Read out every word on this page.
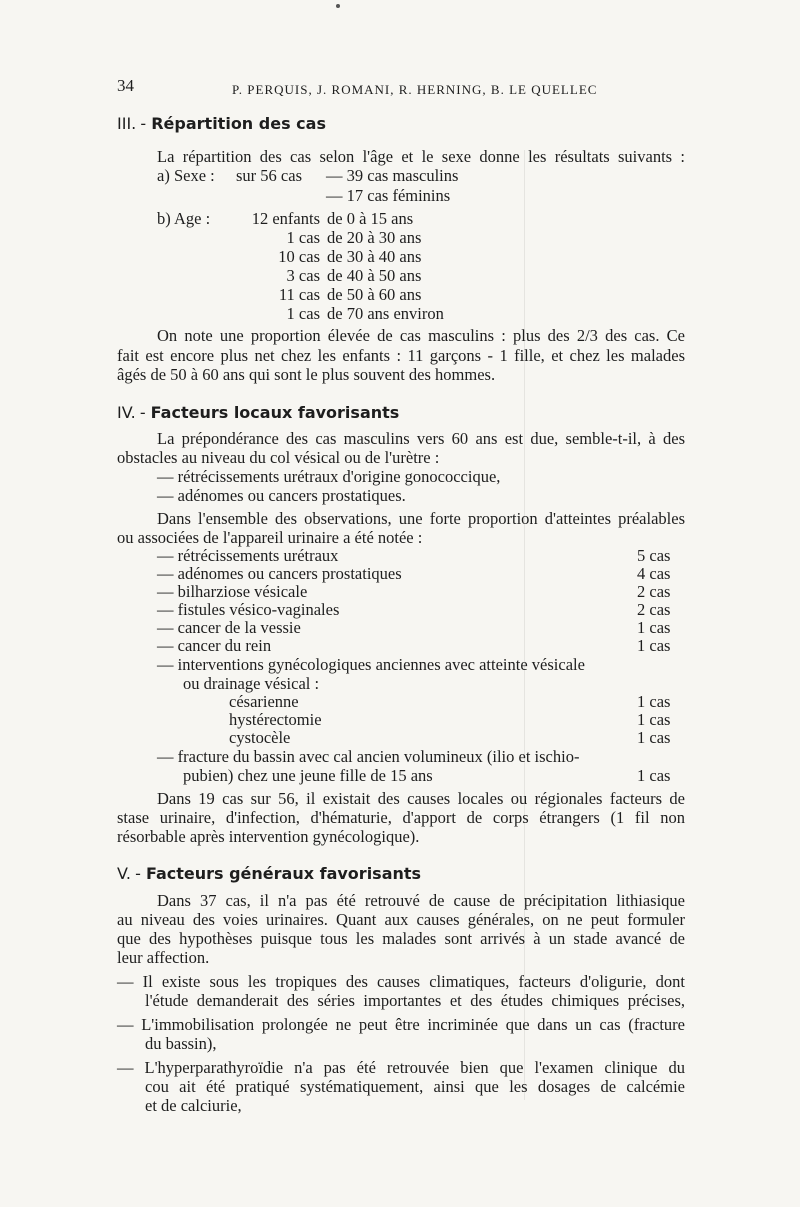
34	P. PERQUIS, J. ROMANI, R. HERNING, B. LE QUELLEC
III. - Répartition des cas
La répartition des cas selon l'âge et le sexe donne les résultats suivants :
a) Sexe : sur 56 cas — 39 cas masculins
— 17 cas féminins
b) Age :	12 enfants de 0 à 15 ans
1 cas de 20 à 30 ans
10 cas de 30 à 40 ans
3 cas de 40 à 50 ans
11 cas de 50 à 60 ans
1 cas de 70 ans environ
On note une proportion élevée de cas masculins : plus des 2/3 des cas. Ce
fait est encore plus net chez les enfants : 11 garçons - 1 fille, et chez les malades
âgés de 50 à 60 ans qui sont le plus souvent des hommes.
IV. - Facteurs locaux favorisants
La prépondérance des cas masculins vers 60 ans est due, semble-t-il, à des
obstacles au niveau du col vésical ou de l'urètre :
— rétrécissements urétraux d'origine gonococcique,
— adénomes ou cancers prostatiques.
Dans l'ensemble des observations, une forte proportion d'atteintes préalables
ou associées de l'appareil urinaire a été notée :
— rétrécissements urétraux	5 cas
— adénomes ou cancers prostatiques	4 cas
— bilharziose vésicale	2 cas
— fistules vésico-vaginales	2 cas
— cancer de la vessie	1 cas
— cancer du rein	1 cas
— interventions gynécologiques anciennes avec atteinte vésicale
ou drainage vésical :
césarienne	1 cas
hystérectomie	1 cas
cystocèle	1 cas
— fracture du bassin avec cal ancien volumineux (ilio et ischio-
pubien) chez une jeune fille de 15 ans	1 cas
Dans 19 cas sur 56, il existait des causes locales ou régionales facteurs de
stase urinaire, d'infection, d'hématurie, d'apport de corps étrangers (1 fil non
résorbable après intervention gynécologique).
V. - Facteurs généraux favorisants
Dans 37 cas, il n'a pas été retrouvé de cause de précipitation lithiasique
au niveau des voies urinaires. Quant aux causes générales, on ne peut formuler
que des hypothèses puisque tous les malades sont arrivés à un stade avancé de
leur affection.
— Il existe sous les tropiques des causes climatiques, facteurs d'oligurie, dont
l'étude demanderait des séries importantes et des études chimiques précises,
— L'immobilisation prolongée ne peut être incriminée que dans un cas (fracture
du bassin),
— L'hyperparathyroïdie n'a pas été retrouvée bien que l'examen clinique du
cou ait été pratiqué systématiquement, ainsi que les dosages de calcémie
et de calciurie,
